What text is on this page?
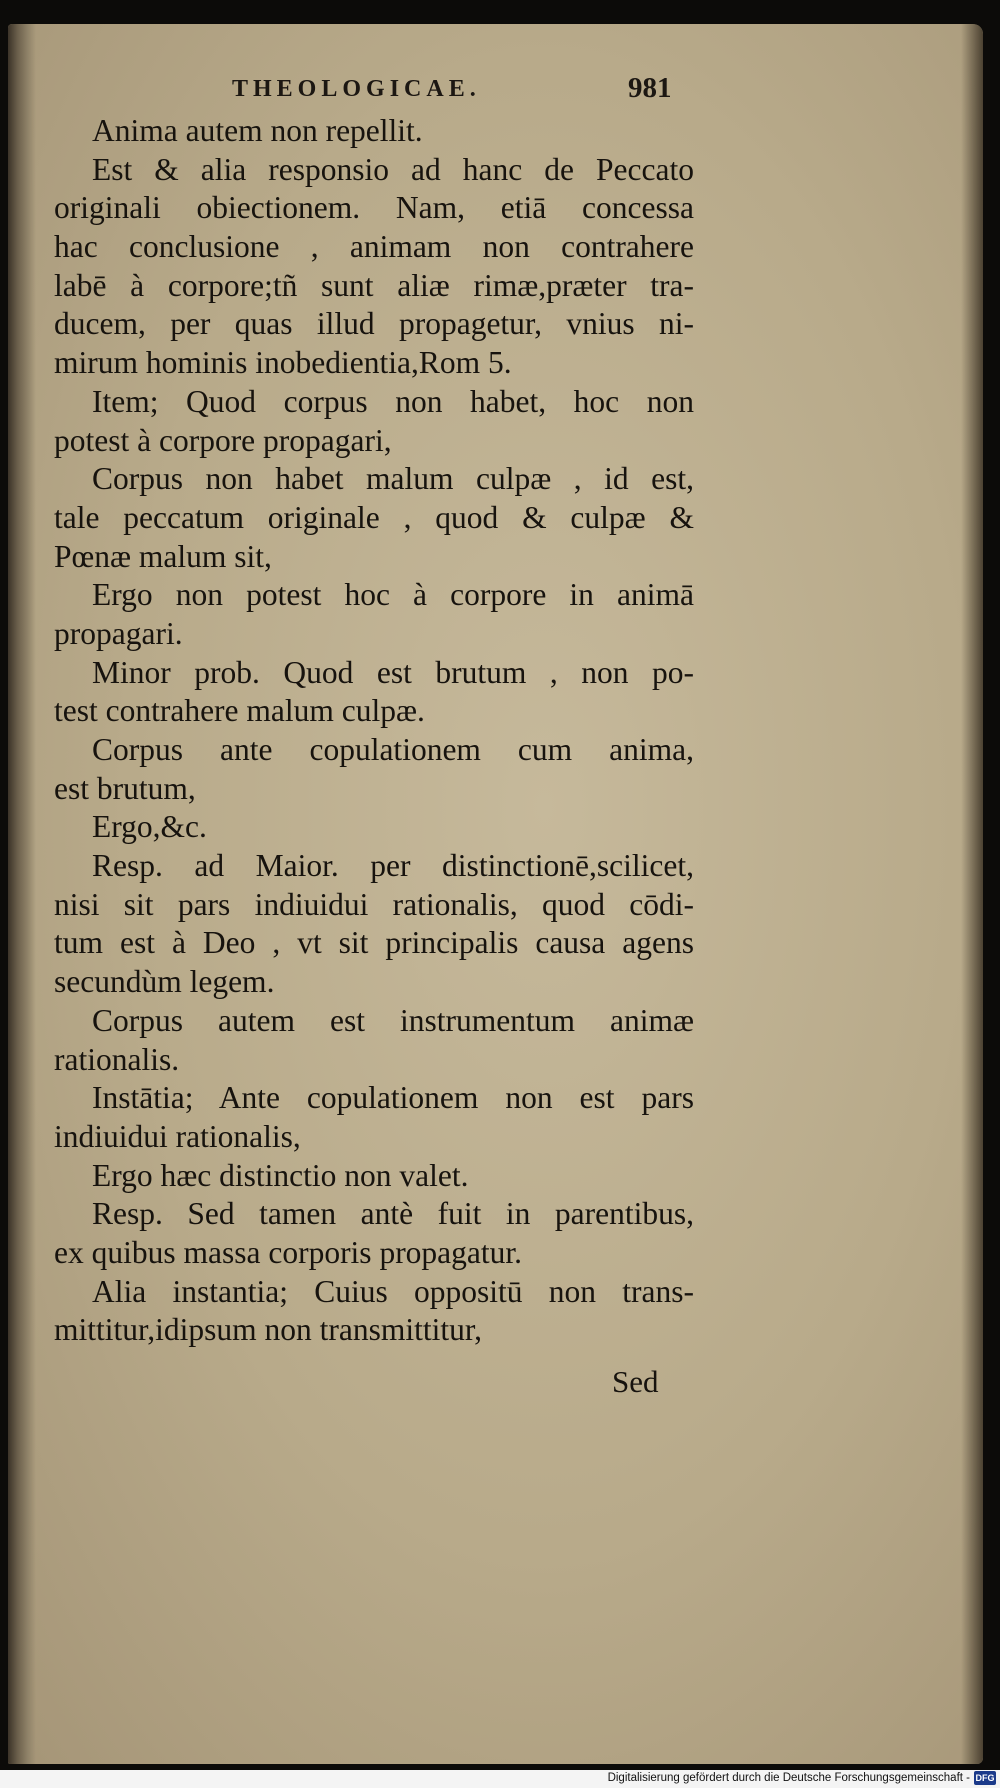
THEOLOGICAE.	981
Anima autem non repellit.
Est & alia responsio ad hanc de Peccato
originali obiectionem. Nam, etiā concessa
hac conclusione , animam non contrahere
labē à corpore;tñ sunt aliæ rimæ,præter tra-
ducem, per quas illud propagetur, vnius ni-
mirum hominis inobedientia,Rom 5.
Item; Quod corpus non habet, hoc non
potest à corpore propagari,
Corpus non habet malum culpæ , id est,
tale peccatum originale , quod & culpæ &
Pœnæ malum sit,
Ergo non potest hoc à corpore in animā
propagari.
Minor prob. Quod est brutum , non po-
test contrahere malum culpæ.
Corpus ante copulationem cum anima,
est brutum,
Ergo,&c.
Resp. ad Maior. per distinctionē,scilicet,
nisi sit pars indiuidui rationalis, quod cōdi-
tum est à Deo , vt sit principalis causa agens
secundùm legem.
Corpus autem est instrumentum animæ
rationalis.
Instātia; Ante copulationem non est pars
indiuidui rationalis,
Ergo hæc distinctio non valet.
Resp. Sed tamen antè fuit in parentibus,
ex quibus massa corporis propagatur.
Alia instantia; Cuius oppositū non trans-
mittitur,idipsum non transmittitur,
Sed
Digitalisierung gefördert durch die Deutsche Forschungsgemeinschaft - DFG
